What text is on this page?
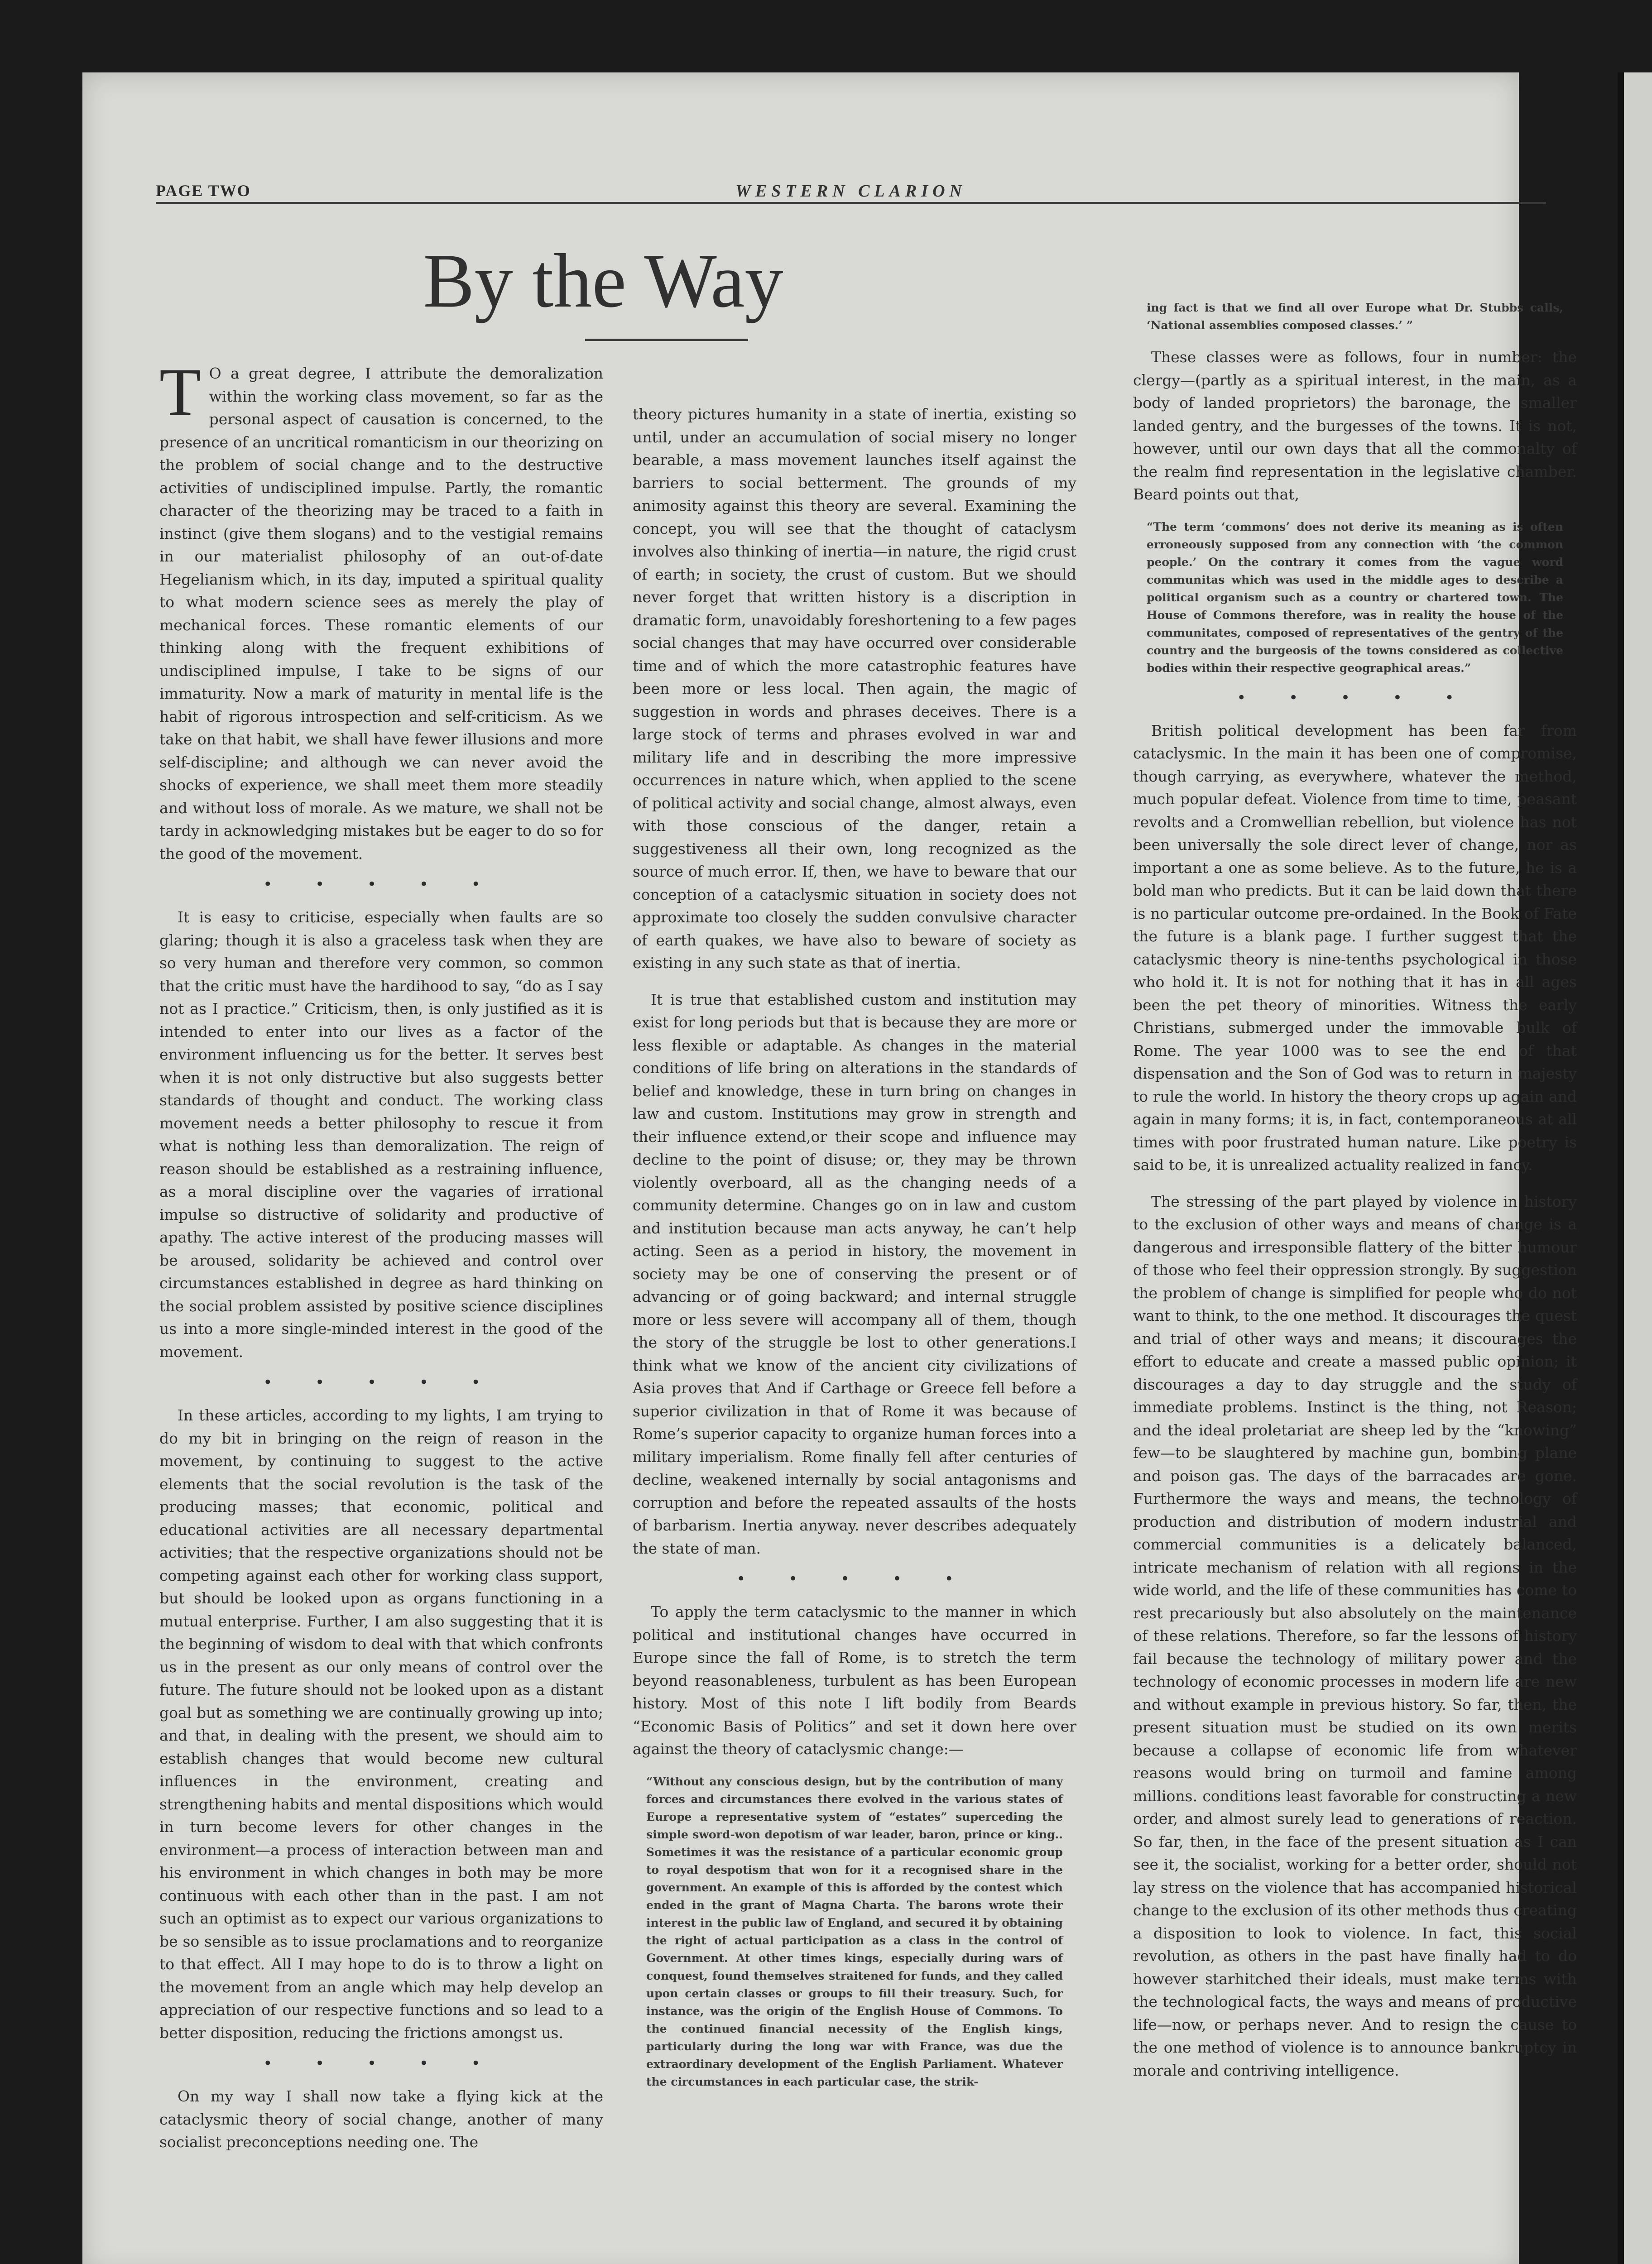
PAGE TWO	WESTERN CLARION
By the Way

T O a great degree, I attribute the demoralization within the working class movement, so far as the personal aspect of causation is concerned, to the presence of an uncritical romanticism in our theorizing on the problem of social change and to the destructive activities of undisciplined impulse. Partly, the romantic character of the theorizing may be traced to a faith in instinct (give them slogans) and to the vestigial remains in our materialist philosophy of an out-of-date Hegelianism which, in its day, imputed a spiritual quality to what modern science sees as merely the play of mechanical forces. These romantic elements of our thinking along with the frequent exhibitions of undisciplined impulse, I take to be signs of our immaturity. Now a mark of maturity in mental life is the habit of rigorous introspection and self-criticism. As we take on that habit, we shall have fewer illusions and more self-discipline; and although we can never avoid the shocks of experience, we shall meet them more steadily and without loss of morale. As we mature, we shall not be tardy in acknowledging mistakes but be eager to do so for the good of the movement.

• • • • •

It is easy to criticise, especially when faults are so glaring; though it is also a graceless task when they are so very human and therefore very common, so common that the critic must have the hardihood to say, “do as I say not as I practice.” Criticism, then, is only justified as it is intended to enter into our lives as a factor of the environment influencing us for the better. It serves best when it is not only distructive but also suggests better standards of thought and conduct. The working class movement needs a better philosophy to rescue it from what is nothing less than demoralization. The reign of reason should be established as a restraining influence, as a moral discipline over the vagaries of irrational impulse so distructive of solidarity and productive of apathy. The active interest of the producing masses will be aroused, solidarity be achieved and control over circumstances established in degree as hard thinking on the social problem assisted by positive science disciplines us into a more single-minded interest in the good of the movement.

• • • • •

In these articles, according to my lights, I am trying to do my bit in bringing on the reign of reason in the movement, by continuing to suggest to the active elements that the social revolution is the task of the producing masses; that economic, political and educational activities are all necessary departmental activities; that the respective organizations should not be competing against each other for working class support, but should be looked upon as organs functioning in a mutual enterprise. Further, I am also suggesting that it is the beginning of wisdom to deal with that which confronts us in the present as our only means of control over the future. The future should not be looked upon as a distant goal but as something we are continually growing up into; and that, in dealing with the present, we should aim to establish changes that would become new cultural influences in the environment, creating and strengthening habits and mental dispositions which would in turn become levers for other changes in the environment—a process of interaction between man and his environment in which changes in both may be more continuous with each other than in the past. I am not such an optimist as to expect our various organizations to be so sensible as to issue proclamations and to reorganize to that effect. All I may hope to do is to throw a light on the movement from an angle which may help develop an appreciation of our respective functions and so lead to a better disposition, reducing the frictions amongst us.

• • • • •

On my way I shall now take a flying kick at the cataclysmic theory of social change, another of many socialist preconceptions needing one. The

theory pictures humanity in a state of inertia, existing so until, under an accumulation of social misery no longer bearable, a mass movement launches itself against the barriers to social betterment. The grounds of my animosity against this theory are several. Examining the concept, you will see that the thought of cataclysm involves also thinking of inertia—in nature, the rigid crust of earth; in society, the crust of custom. But we should never forget that written history is a discription in dramatic form, unavoidably foreshortening to a few pages social changes that may have occurred over considerable time and of which the more catastrophic features have been more or less local. Then again, the magic of suggestion in words and phrases deceives. There is a large stock of terms and phrases evolved in war and military life and in describing the more impressive occurrences in nature which, when applied to the scene of political activity and social change, almost always, even with those conscious of the danger, retain a suggestiveness all their own, long recognized as the source of much error. If, then, we have to beware that our conception of a cataclysmic situation in society does not approximate too closely the sudden convulsive character of earth quakes, we have also to beware of society as existing in any such state as that of inertia.

It is true that established custom and institution may exist for long periods but that is because they are more or less flexible or adaptable. As changes in the material conditions of life bring on alterations in the standards of belief and knowledge, these in turn bring on changes in law and custom. Institutions may grow in strength and their influence extend,or their scope and influence may decline to the point of disuse; or, they may be thrown violently overboard, all as the changing needs of a community determine. Changes go on in law and custom and institution because man acts anyway, he can’t help acting. Seen as a period in history, the movement in society may be one of conserving the present or of advancing or of going backward; and internal struggle more or less severe will accompany all of them, though the story of the struggle be lost to other generations.I think what we know of the ancient city civilizations of Asia proves that And if Carthage or Greece fell before a superior civilization in that of Rome it was because of Rome’s superior capacity to organize human forces into a military imperialism. Rome finally fell after centuries of decline, weakened internally by social antagonisms and corruption and before the repeated assaults of the hosts of barbarism. Inertia anyway. never describes adequately the state of man.

• • • • •

To apply the term cataclysmic to the manner in which political and institutional changes have occurred in Europe since the fall of Rome, is to stretch the term beyond reasonableness, turbulent as has been European history. Most of this note I lift bodily from Beards “Economic Basis of Politics” and set it down here over against the theory of cataclysmic change:—

“Without any conscious design, but by the contribution of many forces and circumstances there evolved in the various states of Europe a representative system of “estates” superceding the simple sword-won depotism of war leader, baron, prince or king.. Sometimes it was the resistance of a particular economic group to royal despotism that won for it a recognised share in the government. An example of this is afforded by the contest which ended in the grant of Magna Charta. The barons wrote their interest in the public law of England, and secured it by obtaining the right of actual participation as a class in the control of Government. At other times kings, especially during wars of conquest, found themselves straitened for funds, and they called upon certain classes or groups to fill their treasury. Such, for instance, was the origin of the English House of Commons. To the continued financial necessity of the English kings, particularly during the long war with France, was due the extraordinary development of the English Parliament. Whatever the circumstances in each particular case, the strik-
ing fact is that we find all over Europe what Dr. Stubbs calls, ‘National assemblies composed classes.’ ”

These classes were as follows, four in number: the clergy—(partly as a spiritual interest, in the main, as a body of landed proprietors) the baronage, the smaller landed gentry, and the burgesses of the towns. It is not, however, until our own days that all the commonalty of the realm find representation in the legislative chamber. Beard points out that,

“The term ‘commons’ does not derive its meaning as is often erroneously supposed from any connection with ‘the common people.’ On the contrary it comes from the vague word communitas which was used in the middle ages to describe a political organism such as a country or chartered town. The House of Commons therefore, was in reality the house of the communitates, composed of representatives of the gentry of the country and the burgeosis of the towns considered as collective bodies within their respective geographical areas.”
• • • • •

British political development has been far from cataclysmic. In the main it has been one of compromise, though carrying, as everywhere, whatever the method, much popular defeat. Violence from time to time, peasant revolts and a Cromwellian rebellion, but violence has not been universally the sole direct lever of change, nor as important a one as some believe. As to the future, he is a bold man who predicts. But it can be laid down that there is no particular outcome pre-ordained. In the Book of Fate the future is a blank page. I further suggest that the cataclysmic theory is nine-tenths psychological in those who hold it. It is not for nothing that it has in all ages been the pet theory of minorities. Witness the early Christians, submerged under the immovable bulk of Rome. The year 1000 was to see the end of that dispensation and the Son of God was to return in majesty to rule the world. In history the theory crops up again and again in many forms; it is, in fact, contemporaneous at all times with poor frustrated human nature. Like poetry is said to be, it is unrealized actuality realized in fancy.

The stressing of the part played by violence in history to the exclusion of other ways and means of change is a dangerous and irresponsible flattery of the bitter humour of those who feel their oppression strongly. By suggestion the problem of change is simplified for people who do not want to think, to the one method. It discourages the quest and trial of other ways and means; it discourages the effort to educate and create a massed public opinion; it discourages a day to day struggle and the study of immediate problems. Instinct is the thing, not Reason; and the ideal proletariat are sheep led by the “knowing” few—to be slaughtered by machine gun, bombing plane and poison gas. The days of the barracades are gone. Furthermore the ways and means, the technology of production and distribution of modern industrial and commercial communities is a delicately balanced, intricate mechanism of relation with all regions in the wide world, and the life of these communities has come to rest precariously but also absolutely on the maintenance of these relations. Therefore, so far the lessons of history fail because the technology of military power and the technology of economic processes in modern life are new and without example in previous history. So far, then, the present situation must be studied on its own merits because a collapse of economic life from whatever reasons would bring on turmoil and famine among millions. conditions least favorable for constructing a new order, and almost surely lead to generations of reaction. So far, then, in the face of the present situation as I can see it, the socialist, working for a better order, should not lay stress on the violence that has accompanied historical change to the exclusion of its other methods thus creating a disposition to look to violence. In fact, this social revolution, as others in the past have finally had to do however starhitched their ideals, must make terms with the technological facts, the ways and means of productive life—now, or perhaps never. And to resign the cause to the one method of violence is to announce bankruptcy in morale and contriving intelligence.
